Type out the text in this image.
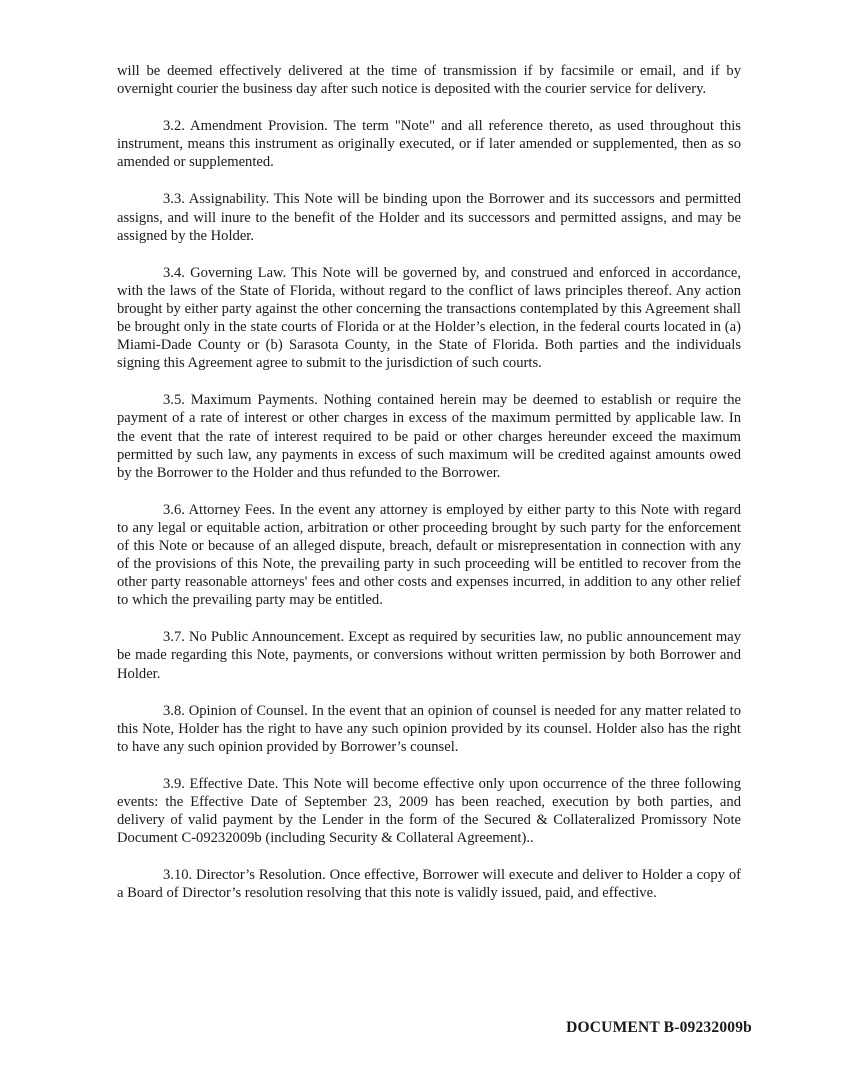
will be deemed effectively delivered at the time of transmission if by facsimile or email, and if by overnight courier the business day after such notice is deposited with the courier service for delivery.

3.2. Amendment Provision. The term "Note" and all reference thereto, as used throughout this instrument, means this instrument as originally executed, or if later amended or supplemented, then as so amended or supplemented.

3.3. Assignability. This Note will be binding upon the Borrower and its successors and permitted assigns, and will inure to the benefit of the Holder and its successors and permitted assigns, and may be assigned by the Holder.

3.4. Governing Law. This Note will be governed by, and construed and enforced in accordance, with the laws of the State of Florida, without regard to the conflict of laws principles thereof. Any action brought by either party against the other concerning the transactions contemplated by this Agreement shall be brought only in the state courts of Florida or at the Holder’s election, in the federal courts located in (a) Miami-Dade County or (b) Sarasota County, in the State of Florida. Both parties and the individuals signing this Agreement agree to submit to the jurisdiction of such courts.

3.5. Maximum Payments. Nothing contained herein may be deemed to establish or require the payment of a rate of interest or other charges in excess of the maximum permitted by applicable law. In the event that the rate of interest required to be paid or other charges hereunder exceed the maximum permitted by such law, any payments in excess of such maximum will be credited against amounts owed by the Borrower to the Holder and thus refunded to the Borrower.

3.6. Attorney Fees. In the event any attorney is employed by either party to this Note with regard to any legal or equitable action, arbitration or other proceeding brought by such party for the enforcement of this Note or because of an alleged dispute, breach, default or misrepresentation in connection with any of the provisions of this Note, the prevailing party in such proceeding will be entitled to recover from the other party reasonable attorneys' fees and other costs and expenses incurred, in addition to any other relief to which the prevailing party may be entitled.

3.7. No Public Announcement. Except as required by securities law, no public announcement may be made regarding this Note, payments, or conversions without written permission by both Borrower and Holder.

3.8. Opinion of Counsel. In the event that an opinion of counsel is needed for any matter related to this Note, Holder has the right to have any such opinion provided by its counsel. Holder also has the right to have any such opinion provided by Borrower’s counsel.

3.9. Effective Date. This Note will become effective only upon occurrence of the three following events: the Effective Date of September 23, 2009 has been reached, execution by both parties, and delivery of valid payment by the Lender in the form of the Secured & Collateralized Promissory Note Document C-09232009b (including Security & Collateral Agreement)..

3.10. Director’s Resolution. Once effective, Borrower will execute and deliver to Holder a copy of a Board of Director’s resolution resolving that this note is validly issued, paid, and effective.

DOCUMENT B-09232009b
